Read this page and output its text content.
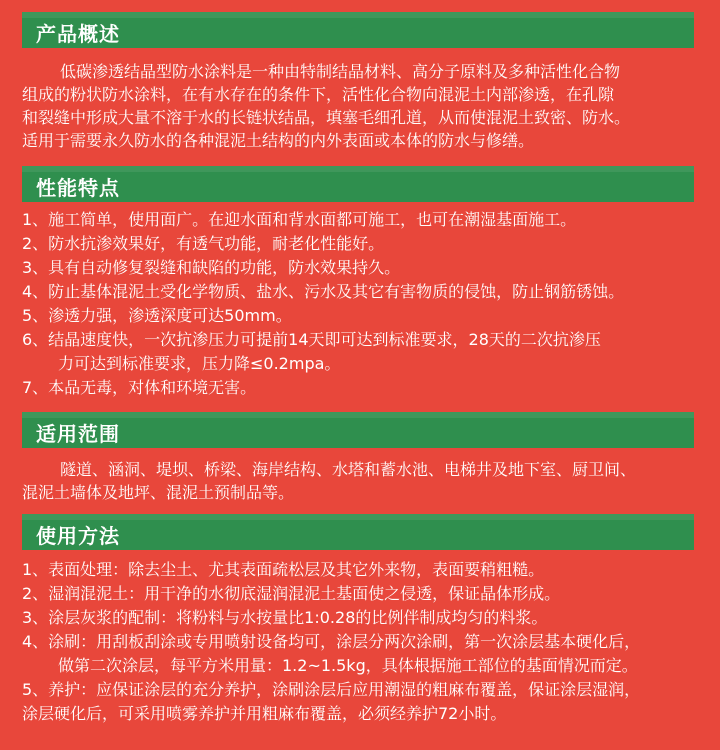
产品概述

低碳渗透结晶型防水涂料是一种由特制结晶材料、高分子原料及多种活性化合物

组成的粉状防水涂料，在有水存在的条件下，活性化合物向混泥土内部渗透，在孔隙

和裂缝中形成大量不溶于水的长链状结晶，填塞毛细孔道，从而使混泥土致密、防水。

适用于需要永久防水的各种混泥土结构的内外表面或本体的防水与修缮。

性能特点
1、施工简单，使用面广。在迎水面和背水面都可施工，也可在潮湿基面施工。
2、防水抗渗效果好，有透气功能，耐老化性能好。
3、具有自动修复裂缝和缺陷的功能，防水效果持久。
4、防止基体混泥土受化学物质、盐水、污水及其它有害物质的侵蚀，防止钢筋锈蚀。
5、渗透力强，渗透深度可达50mm。
6、结晶速度快，一次抗渗压力可提前14天即可达到标准要求，28天的二次抗渗压
力可达到标准要求，压力降≤0.2mpa。
7、本品无毒，对体和环境无害。
适用范围

隧道、涵洞、堤坝、桥梁、海岸结构、水塔和蓄水池、电梯井及地下室、厨卫间、

混泥土墙体及地坪、混泥土预制品等。

使用方法
1、表面处理：除去尘土、尤其表面疏松层及其它外来物，表面要稍粗糙。
2、湿润混泥土：用干净的水彻底湿润混泥土基面使之侵透，保证晶体形成。
3、涂层灰浆的配制：将粉料与水按量比1:0.28的比例伴制成均匀的料浆。
4、涂刷：用刮板刮涂或专用喷射设备均可，涂层分两次涂刷，第一次涂层基本硬化后，
做第二次涂层，每平方米用量：1.2~1.5kg，具体根据施工部位的基面情况而定。
5、养护：应保证涂层的充分养护，涂刷涂层后应用潮湿的粗麻布覆盖，保证涂层湿润，
涂层硬化后，可采用喷雾养护并用粗麻布覆盖，必须经养护72小时。
